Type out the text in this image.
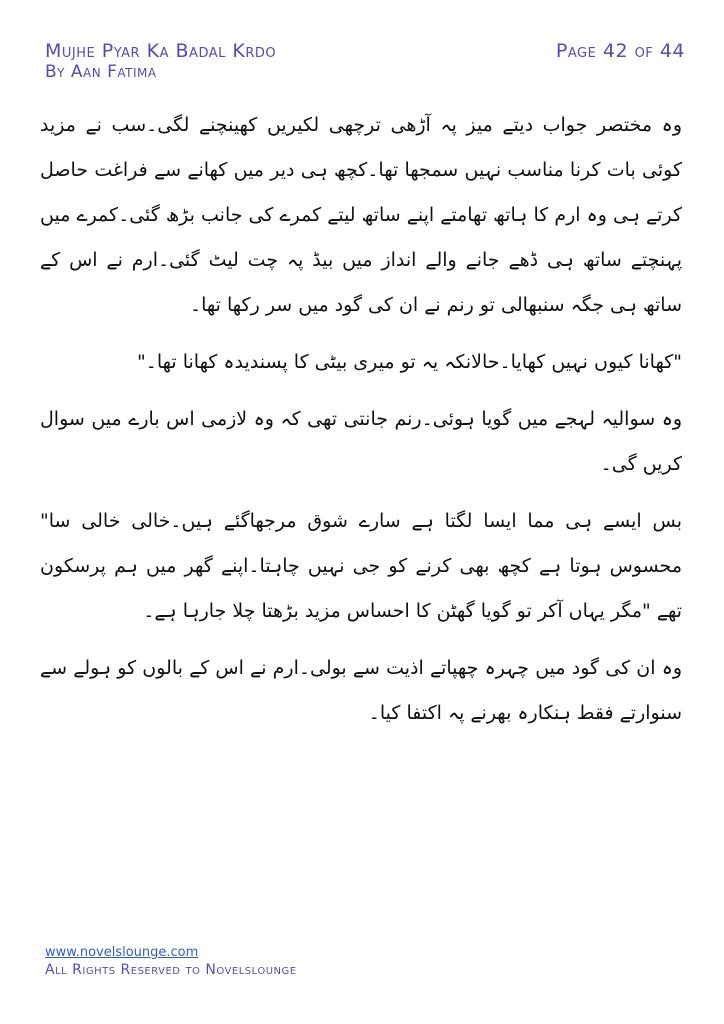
Mujhe Pyar Ka Badal Krdo
By Aan Fatima
Page 42 of 44

وہ مختصر جواب دیتے میز پہ آڑھی ترچھی لکیریں کھینچنے لگی۔سب نے مزید کوئی بات کرنا مناسب نہیں سمجھا تھا۔کچھ ہی دیر میں کھانے سے فراغت حاصل کرتے ہی وہ ارم کا ہاتھ تھامتے اپنے ساتھ لیتے کمرے کی جانب بڑھ گئی۔کمرے میں پہنچتے ساتھ ہی ڈھے جانے والے انداز میں بیڈ پہ چت لیٹ گئی۔ارم نے اس کے ساتھ ہی جگہ سنبھالی تو رنم نے ان کی گود میں سر رکھا تھا۔

"کھانا کیوں نہیں کھایا۔حالانکہ یہ تو میری بیٹی کا پسندیدہ کھانا تھا۔"

وہ سوالیہ لہجے میں گویا ہوئی۔رنم جانتی تھی کہ وہ لازمی اس بارے میں سوال کریں گی۔

بس ایسے ہی مما ایسا لگتا ہے سارے شوق مرجھاگئے ہیں۔خالی خالی سا" محسوس ہوتا ہے کچھ بھی کرنے کو جی نہیں چاہتا۔اپنے گھر میں ہم پرسکون تھے "مگر یہاں آکر تو گویا گھٹن کا احساس مزید بڑھتا چلا جارہا ہے۔

وہ ان کی گود میں چہرہ چھپاتے اذیت سے بولی۔ارم نے اس کے بالوں کو ہولے سے سنوارتے فقط ہنکارہ بھرنے پہ اکتفا کیا۔

www.novelslounge.com
All Rights Reserved to Novelslounge
